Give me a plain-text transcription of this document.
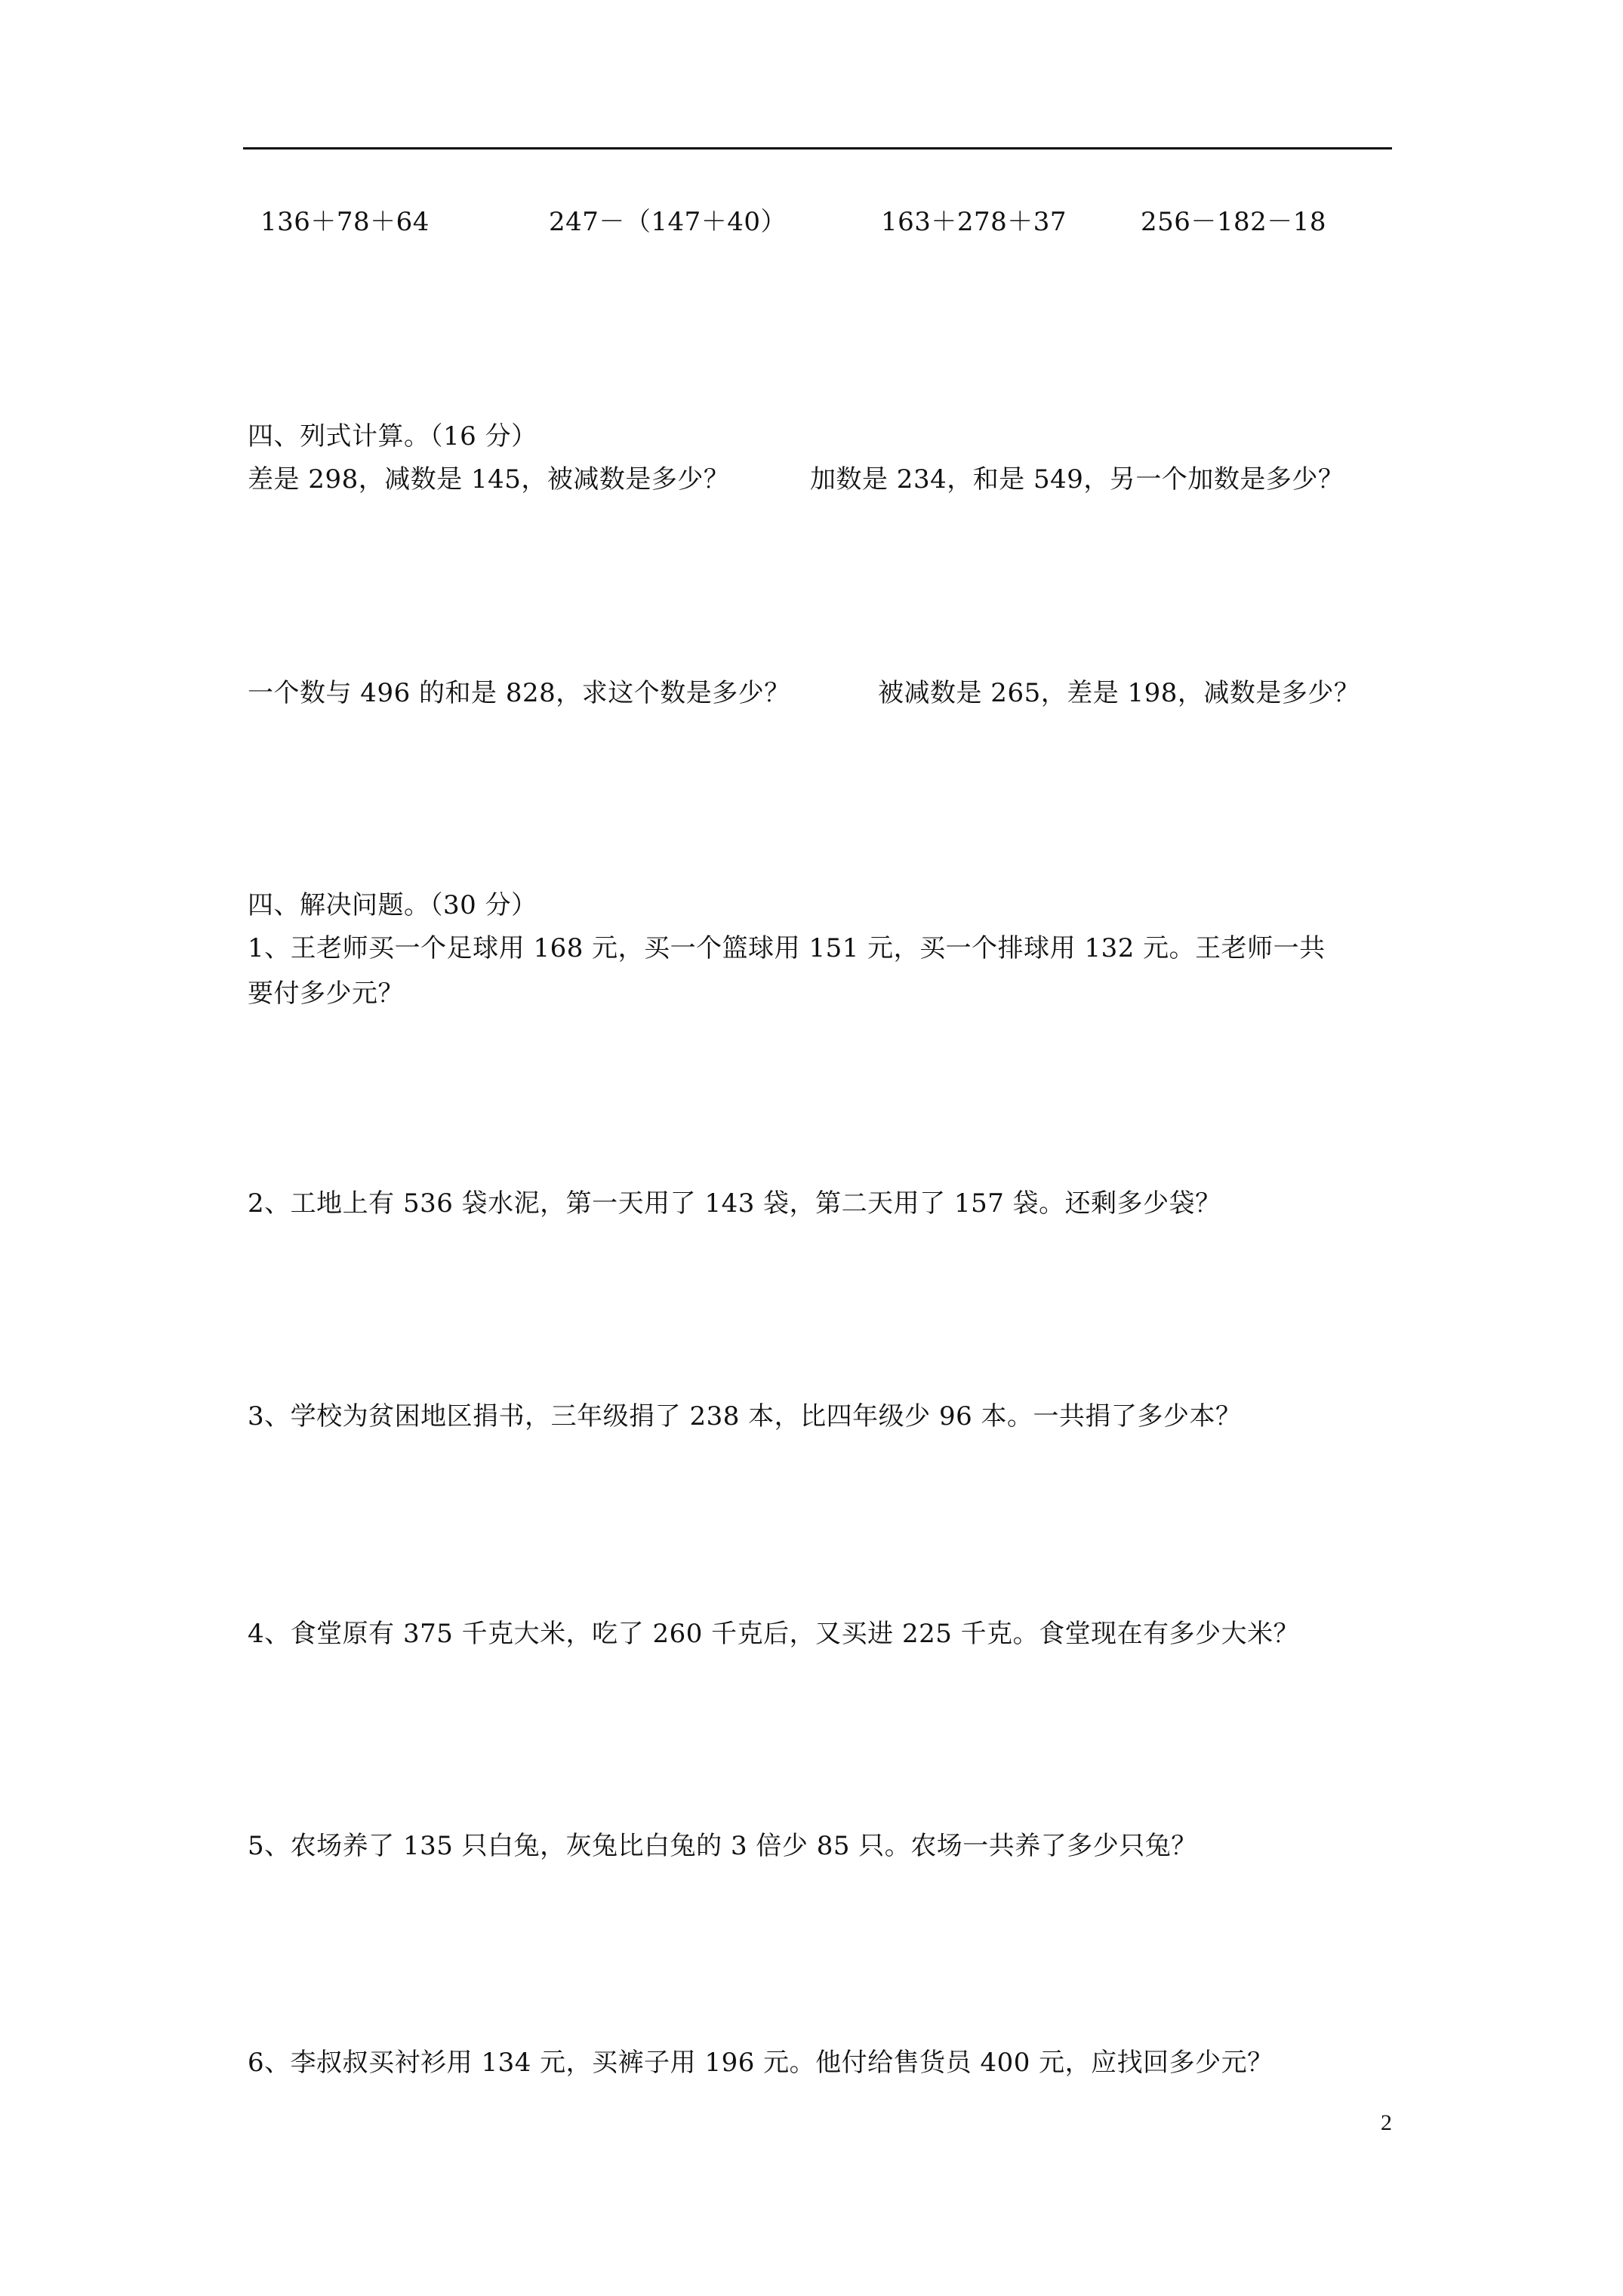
136＋78＋64	247－（147＋40）	163＋278＋37	256－182－18
四、列式计算。（16 分）
差是 298，减数是 145，被减数是多少？	加数是 234，和是 549，另一个加数是多少？
一个数与 496 的和是 828，求这个数是多少？	被减数是 265，差是 198，减数是多少？
四、解决问题。（30 分）
1、王老师买一个足球用 168 元，买一个篮球用 151 元，买一个排球用 132 元。王老师一共
要付多少元？
2、工地上有 536 袋水泥，第一天用了 143 袋，第二天用了 157 袋。还剩多少袋？
3、学校为贫困地区捐书，三年级捐了 238 本，比四年级少 96 本。一共捐了多少本？
4、食堂原有 375 千克大米，吃了 260 千克后，又买进 225 千克。食堂现在有多少大米？
5、农场养了 135 只白兔，灰兔比白兔的 3 倍少 85 只。农场一共养了多少只兔？
6、李叔叔买衬衫用 134 元，买裤子用 196 元。他付给售货员 400 元，应找回多少元？
2
